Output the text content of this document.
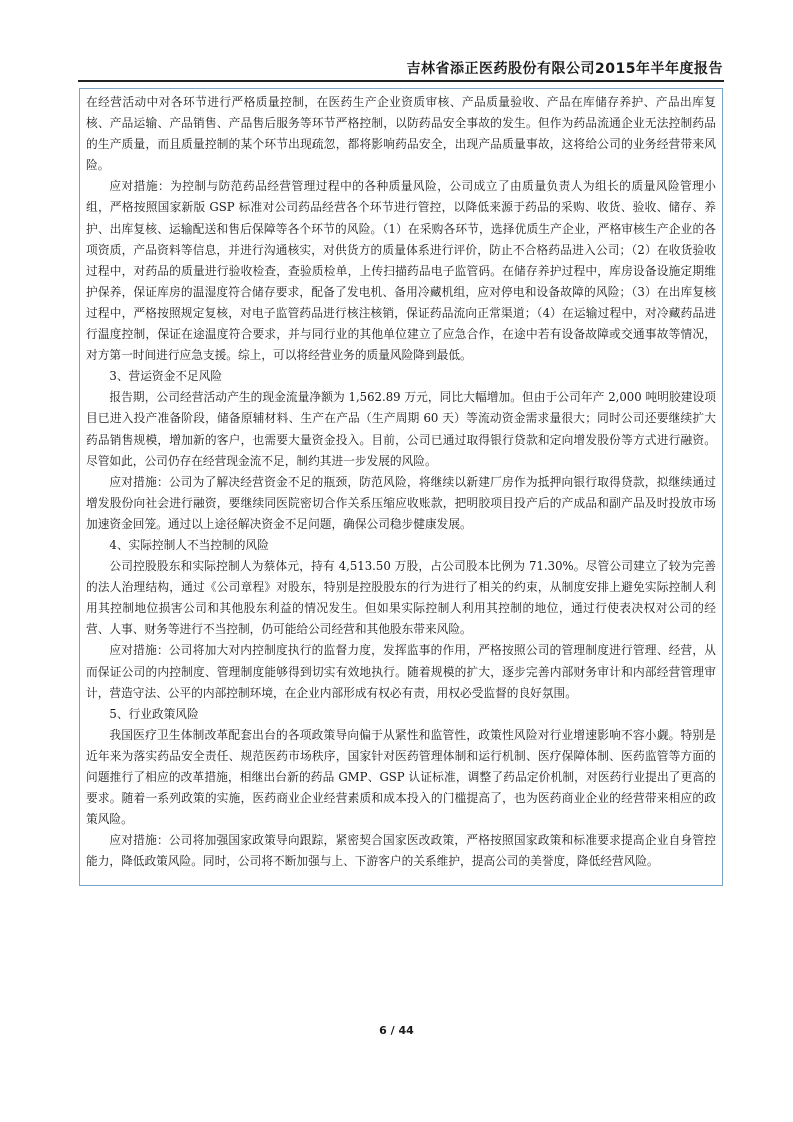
吉林省添正医药股份有限公司2015年半年度报告

在经营活动中对各环节进行严格质量控制，在医药生产企业资质审核、产品质量验收、产品在库储存养护、产品出库复核、产品运输、产品销售、产品售后服务等环节严格控制，以防药品安全事故的发生。但作为药品流通企业无法控制药品的生产质量，而且质量控制的某个环节出现疏忽，都将影响药品安全，出现产品质量事故，这将给公司的业务经营带来风险。

应对措施：为控制与防范药品经营管理过程中的各种质量风险，公司成立了由质量负责人为组长的质量风险管理小组，严格按照国家新版 GSP 标准对公司药品经营各个环节进行管控，以降低来源于药品的采购、收货、验收、储存、养护、出库复核、运输配送和售后保障等各个环节的风险。（1）在采购各环节，选择优质生产企业，严格审核生产企业的各项资质，产品资料等信息，并进行沟通核实，对供货方的质量体系进行评价，防止不合格药品进入公司；（2）在收货验收过程中，对药品的质量进行验收检查，查验质检单，上传扫描药品电子监管码。在储存养护过程中，库房设备设施定期维护保养，保证库房的温湿度符合储存要求，配备了发电机、备用冷藏机组，应对停电和设备故障的风险；（3）在出库复核过程中，严格按照规定复核，对电子监管药品进行核注核销，保证药品流向正常渠道；（4）在运输过程中，对冷藏药品进行温度控制，保证在途温度符合要求，并与同行业的其他单位建立了应急合作，在途中若有设备故障或交通事故等情况，对方第一时间进行应急支援。综上，可以将经营业务的质量风险降到最低。

3、营运资金不足风险

报告期，公司经营活动产生的现金流量净额为 1,562.89 万元，同比大幅增加。但由于公司年产 2,000 吨明胶建设项目已进入投产准备阶段，储备原辅材料、生产在产品（生产周期 60 天）等流动资金需求量很大；同时公司还要继续扩大药品销售规模，增加新的客户，也需要大量资金投入。目前，公司已通过取得银行贷款和定向增发股份等方式进行融资。尽管如此，公司仍存在经营现金流不足，制约其进一步发展的风险。

应对措施：公司为了解决经营资金不足的瓶颈，防范风险，将继续以新建厂房作为抵押向银行取得贷款，拟继续通过增发股份向社会进行融资，要继续同医院密切合作关系压缩应收账款，把明胶项目投产后的产成品和副产品及时投放市场加速资金回笼。通过以上途径解决资金不足问题，确保公司稳步健康发展。

4、实际控制人不当控制的风险

公司控股股东和实际控制人为蔡体元，持有 4,513.50 万股，占公司股本比例为 71.30%。尽管公司建立了较为完善的法人治理结构，通过《公司章程》对股东，特别是控股股东的行为进行了相关的约束，从制度安排上避免实际控制人利用其控制地位损害公司和其他股东利益的情况发生。但如果实际控制人利用其控制的地位，通过行使表决权对公司的经营、人事、财务等进行不当控制，仍可能给公司经营和其他股东带来风险。

应对措施：公司将加大对内控制度执行的监督力度，发挥监事的作用，严格按照公司的管理制度进行管理、经营，从而保证公司的内控制度、管理制度能够得到切实有效地执行。随着规模的扩大，逐步完善内部财务审计和内部经营管理审计，营造守法、公平的内部控制环境，在企业内部形成有权必有责，用权必受监督的良好氛围。

5、行业政策风险

我国医疗卫生体制改革配套出台的各项政策导向偏于从紧性和监管性，政策性风险对行业增速影响不容小觑。特别是近年来为落实药品安全责任、规范医药市场秩序，国家针对医药管理体制和运行机制、医疗保障体制、医药监管等方面的问题推行了相应的改革措施，相继出台新的药品 GMP、GSP 认证标准，调整了药品定价机制，对医药行业提出了更高的要求。随着一系列政策的实施，医药商业企业经营素质和成本投入的门槛提高了，也为医药商业企业的经营带来相应的政策风险。

应对措施：公司将加强国家政策导向跟踪，紧密契合国家医改政策，严格按照国家政策和标准要求提高企业自身管控能力，降低政策风险。同时，公司将不断加强与上、下游客户的关系维护，提高公司的美誉度，降低经营风险。

6 / 44
